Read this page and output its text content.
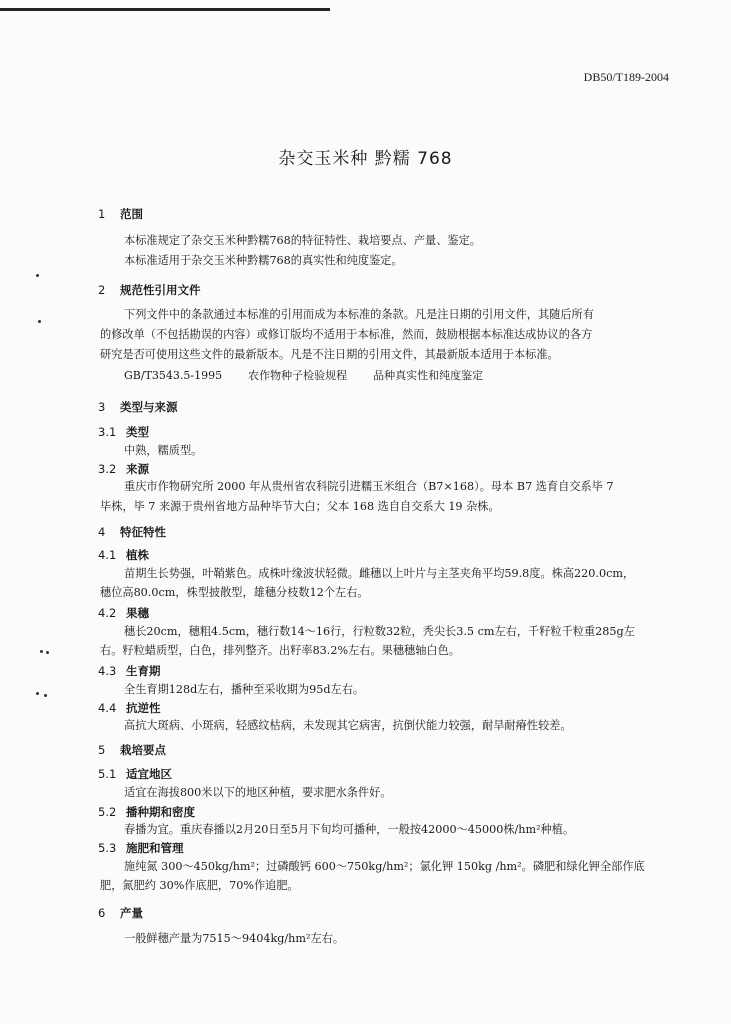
DB50/T189-2004
杂交玉米种 黔糯 768
1 范围
本标准规定了杂交玉米种黔糯768的特征特性、栽培要点、产量、鉴定。
本标准适用于杂交玉米种黔糯768的真实性和纯度鉴定。
2 规范性引用文件
下列文件中的条款通过本标准的引用而成为本标准的条款。凡是注日期的引用文件，其随后所有
的修改单（不包括勘误的内容）或修订版均不适用于本标准，然而，鼓励根据本标准达成协议的各方
研究是否可使用这些文件的最新版本。凡是不注日期的引用文件，其最新版本适用于本标准。
GB/T3543.5-1995 农作物种子检验规程 品种真实性和纯度鉴定
3 类型与来源
3.1 类型
中熟，糯质型。
3.2 来源
重庆市作物研究所 2000 年从贵州省农科院引进糯玉米组合（B7×168）。母本 B7 选育自交系毕 7
毕株，毕 7 来源于贵州省地方品种毕节大白；父本 168 选自自交系大 19 杂株。
4 特征特性
4.1 植株
苗期生长势强，叶鞘紫色。成株叶缘波状轻微。雌穗以上叶片与主茎夹角平均59.8度。株高220.0cm，
穗位高80.0cm，株型披散型，雄穗分枝数12个左右。
4.2 果穗
穗长20cm，穗粗4.5cm，穗行数14～16行，行粒数32粒，秃尖长3.5 cm左右，千籽粒千粒重285g左
右。籽粒蜡质型，白色，排列整齐。出籽率83.2%左右。果穗穗轴白色。
4.3 生育期
全生育期128d左右，播种至采收期为95d左右。
4.4 抗逆性
高抗大斑病、小斑病，轻感纹枯病，未发现其它病害，抗倒伏能力较强，耐旱耐瘠性较差。
5 栽培要点
5.1 适宜地区
适宜在海拔800米以下的地区种植，要求肥水条件好。
5.2 播种期和密度
春播为宜。重庆春播以2月20日至5月下旬均可播种，一般按42000～45000株/hm²种植。
5.3 施肥和管理
施纯氮 300～450kg/hm²；过磷酸钙 600～750kg/hm²；氯化钾 150kg /hm²。磷肥和绿化钾全部作底
肥，氮肥约 30%作底肥，70%作追肥。
6 产量
一般鲜穗产量为7515～9404kg/hm²左右。
